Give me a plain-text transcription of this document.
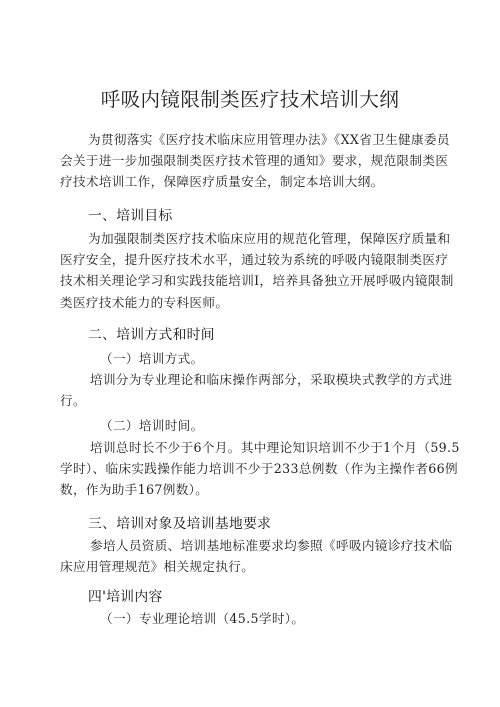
呼吸内镜限制类医疗技术培训大纲
为贯彻落实《医疗技术临床应用管理办法》《XX省卫生健康委员
会关于进一步加强限制类医疗技术管理的通知》要求，规范限制类医
疗技术培训工作，保障医疗质量安全，制定本培训大纲。
一、培训目标
为加强限制类医疗技术临床应用的规范化管理，保障医疗质量和
医疗安全，提升医疗技术水平，通过较为系统的呼吸内镜限制类医疗
技术相关理论学习和实践技能培训I，培养具备独立开展呼吸内镜限制
类医疗技术能力的专科医师。
二、培训方式和时间
（一）培训方式。
培训分为专业理论和临床操作两部分，采取模块式教学的方式进
行。
（二）培训时间。
培训总时长不少于6个月。其中理论知识培训不少于1个月（59.5
学时）、临床实践操作能力培训不少于233总例数（作为主操作者66例
数，作为助手167例数）。
三、培训对象及培训基地要求
参培人员资质、培训基地标准要求均参照《呼吸内镜诊疗技术临
床应用管理规范》相关规定执行。
四'培训内容
（一）专业理论培训（45.5学时）。
